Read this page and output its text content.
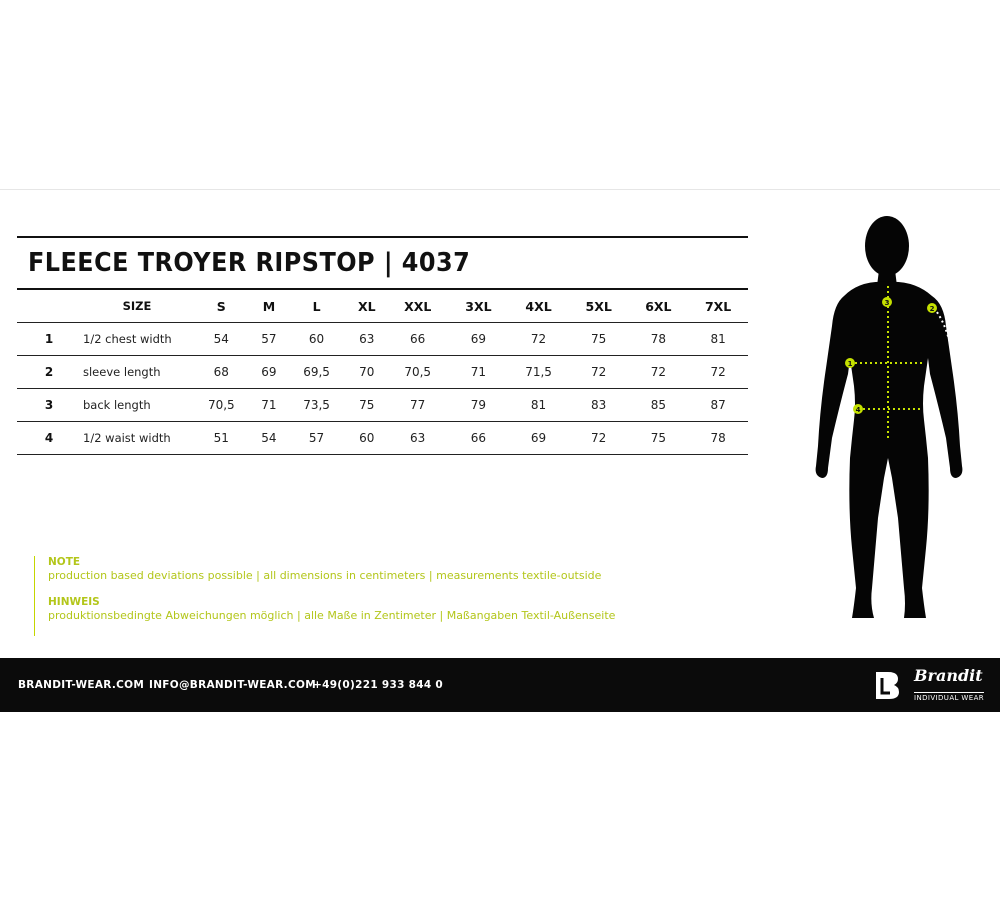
FLEECE TROYER RIPSTOP | 4037
	SIZE	S	M	L	XL	XXL	3XL	4XL	5XL	6XL	7XL
1	1/2 chest width	54	57	60	63	66	69	72	75	78	81
2	sleeve length	68	69	69,5	70	70,5	71	71,5	72	72	72
3	back length	70,5	71	73,5	75	77	79	81	83	85	87
4	1/2 waist width	51	54	57	60	63	66	69	72	75	78

NOTE

production based deviations possible | all dimensions in centimeters | measurements textile-outside

HINWEIS

produktionsbedingte Abweichungen möglich | alle Maße in Zentimeter | Maßangaben Textil-Außenseite

3
2
1
4
BRANDIT-WEAR.COM INFO@BRANDIT-WEAR.COM
+49(0)221 933 844 0	Brandit
INDIVIDUAL WEAR
